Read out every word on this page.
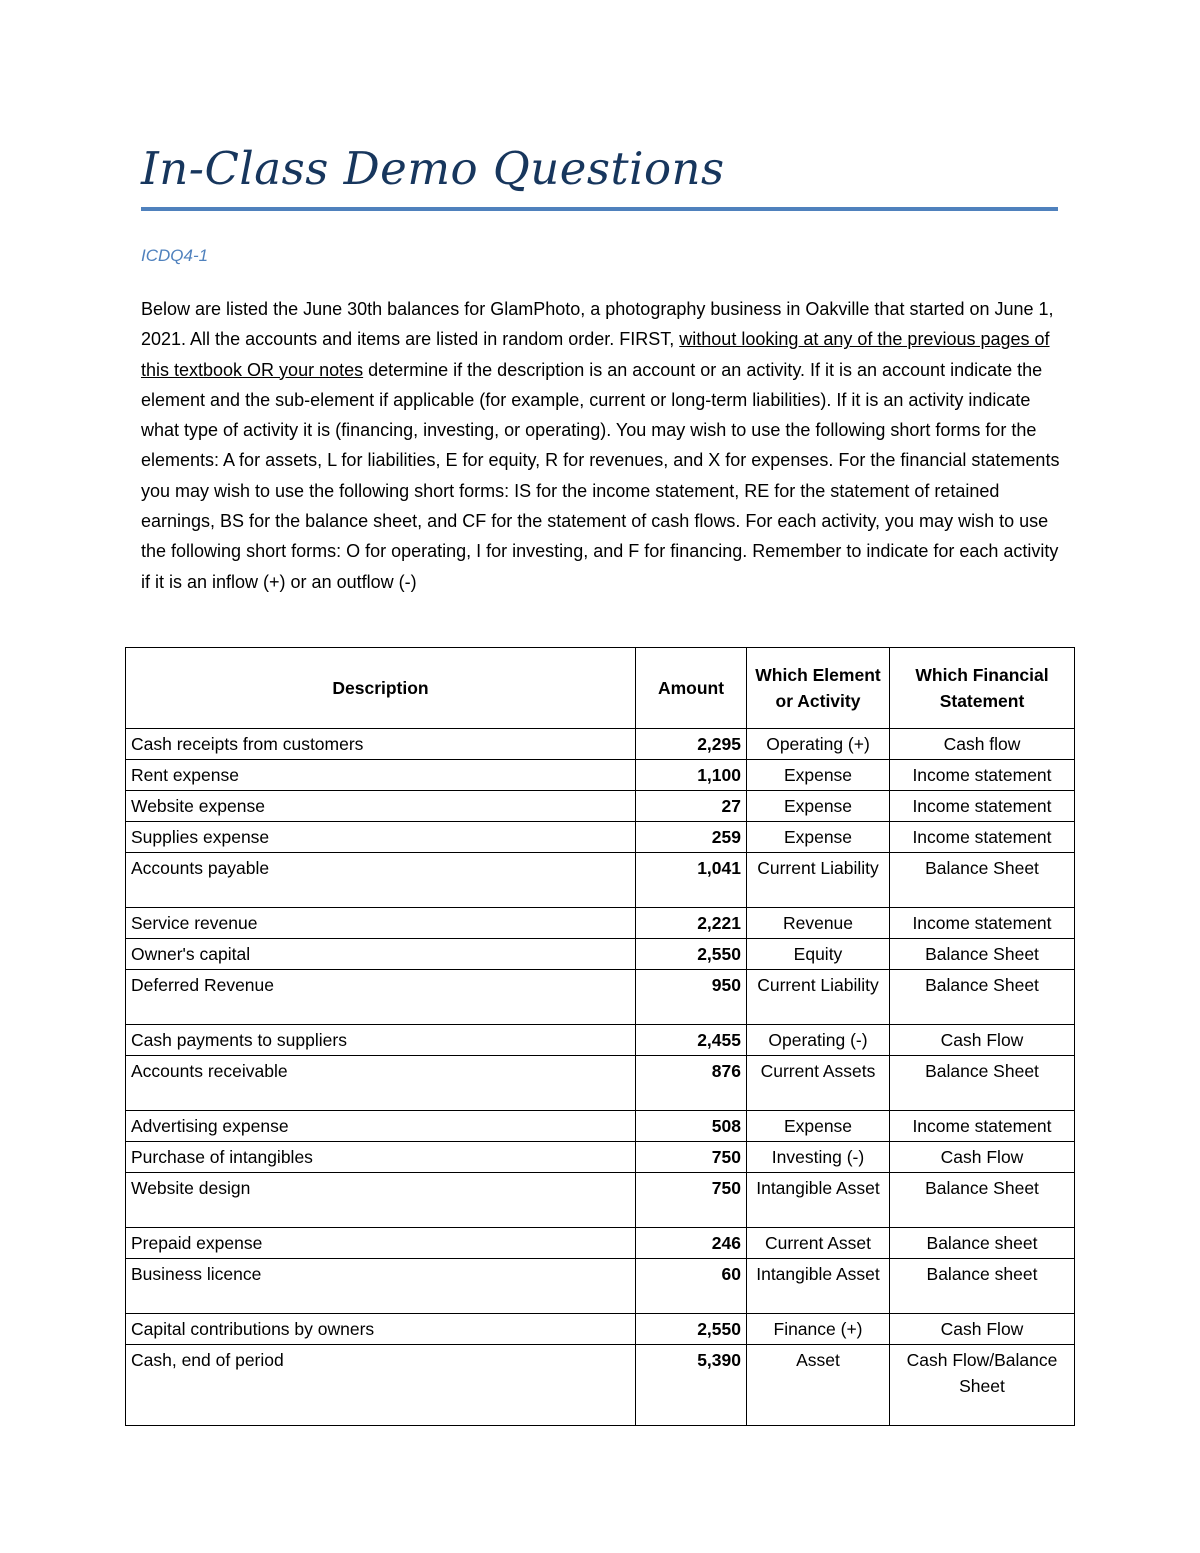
In-Class Demo Questions
ICDQ4-1
Below are listed the June 30th balances for GlamPhoto, a photography business in Oakville that started on June 1, 2021. All the accounts and items are listed in random order. FIRST, without looking at any of the previous pages of this textbook OR your notes determine if the description is an account or an activity. If it is an account indicate the element and the sub-element if applicable (for example, current or long-term liabilities). If it is an activity indicate what type of activity it is (financing, investing, or operating). You may wish to use the following short forms for the elements: A for assets, L for liabilities, E for equity, R for revenues, and X for expenses. For the financial statements you may wish to use the following short forms: IS for the income statement, RE for the statement of retained earnings, BS for the balance sheet, and CF for the statement of cash flows. For each activity, you may wish to use the following short forms: O for operating, I for investing, and F for financing. Remember to indicate for each activity if it is an inflow (+) or an outflow (-)
Description	Amount	Which Element or Activity	Which Financial Statement
Cash receipts from customers	2,295	Operating (+)	Cash flow
Rent expense	1,100	Expense	Income statement
Website expense	27	Expense	Income statement
Supplies expense	259	Expense	Income statement
Accounts payable	1,041	Current Liability	Balance Sheet
Service revenue	2,221	Revenue	Income statement
Owner's capital	2,550	Equity	Balance Sheet
Deferred Revenue	950	Current Liability	Balance Sheet
Cash payments to suppliers	2,455	Operating (-)	Cash Flow
Accounts receivable	876	Current Assets	Balance Sheet
Advertising expense	508	Expense	Income statement
Purchase of intangibles	750	Investing (-)	Cash Flow
Website design	750	Intangible Asset	Balance Sheet
Prepaid expense	246	Current Asset	Balance sheet
Business licence	60	Intangible Asset	Balance sheet
Capital contributions by owners	2,550	Finance (+)	Cash Flow
Cash, end of period	5,390	Asset	Cash Flow/Balance Sheet
